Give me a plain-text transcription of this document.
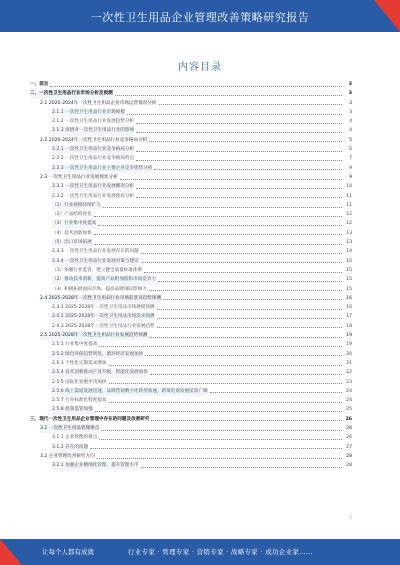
一次性卫生用品企业管理改善策略研究报告
内容目录
一、前言	3
二、一次性卫生用品行业市场分析及预测	3
2.1 2020-2024年一次性卫生用品企业市场运营情况分析	3
2.1.1 一次性卫生用品行业市场规模	3
2.1.2 一次性卫生用品行业发展趋势分析	4
2.1.3 疫情对一次性卫生用品行业的影响	4
2.2 2020-2024年一次性卫生用品行业竞争格局分析	5
2.2.1 一次性卫生用品行业竞争格局分析	6
2.2.2 一次性卫生用品行业竞争格局特点	7
2.2.3 一次性卫生用品行业主要企业竞争优势分析	9
2.3 一次性卫生用品行业发展现状分析	9
2.3.1 一次性卫生用品行业发展概况分析	10
2.3.2 一次性卫生用品行业发展现状分析	11
（1）行业规模持续扩大	11
（2）产品结构优化	12
（3）行业集中度提高	12
（4）技术创新加快	13
（5）出口市场拓展	13
2.3.3 一次性卫生用品行业发展存在的问题	14
2.3.4 一次性卫生用品行业发展对策与建议	15
（1）加强行业监管，建立健全质量标准体系	15
（2）推动技术创新，提高产品附加值和市场竞争力	15
（3）积极拓展国际市场，提高品牌国际影响力	15
2.4 2025-2028年一次性卫生用品行业市场前景及趋势预测	16
2.4.1 2025-2028年一次性卫生用品市场规模预测	16
2.4.2 2025-2028年一次性卫生用品市场需求预测	17
2.4.3 2025-2028年一次性卫生用品行业发展趋势	18
2.5 2025-2028年一次性卫生用品行业发展趋势预测	19
2.5.1 行业集中度提高	19
2.5.2 绿色环保趋势明显，循环经济发展加快	20
2.5.3 个性化定制需求增加	21
2.5.4 技术创新推动产业升级，智能化发展加快	22
2.5.5 国际化发展步伐加快	23
2.5.6 线上渠道发展迅速，品牌营销数字化转型加速，跨境电商发展前景广阔	24
2.5.7 行业标准化程度提高	24
2.5.8 政策监管加强	25
三、现代一次性卫生用品企业管理中存在的问题及改善研究	26
3.1 一次性卫生用品管理难点	26
3.1.1 企业管理的难点	26
3.1.2 存在的问题	27
3.2 企业管理改善研究方向	28
3.2.1 加强企业精细化管理，提升管理水平	28
1
让每个人都有成就	行业专家 · 管理专家 · 营销专家 · 战略专家 · 成功企业家……
